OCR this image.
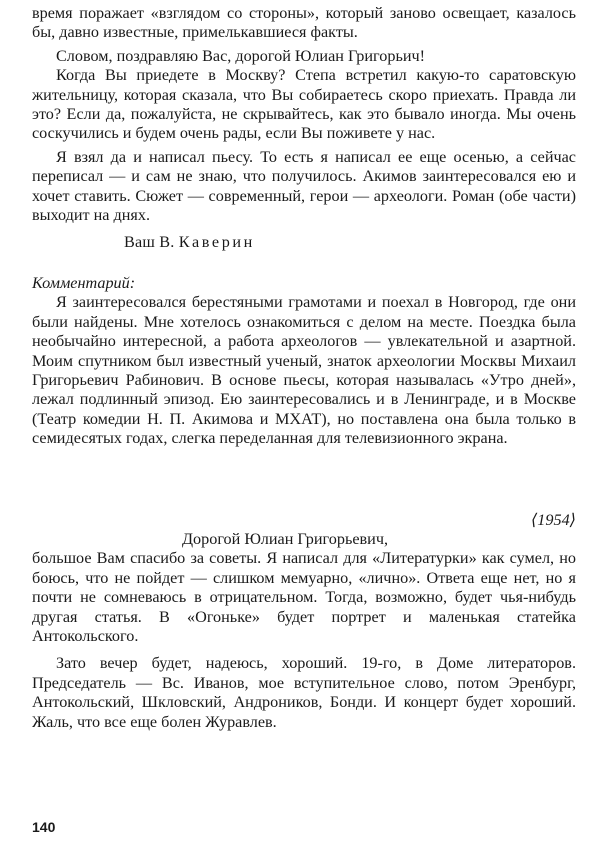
время поражает «взглядом со стороны», который заново освещает, казалось бы, давно известные, примелькавшиеся факты.

Словом, поздравляю Вас, дорогой Юлиан Григорьич!

Когда Вы приедете в Москву? Степа встретил какую-то саратовскую жительницу, которая сказала, что Вы собираетесь скоро приехать. Правда ли это? Если да, пожалуйста, не скрывайтесь, как это бывало иногда. Мы очень соскучились и будем очень рады, если Вы поживете у нас.

Я взял да и написал пьесу. То есть я написал ее еще осенью, а сейчас переписал — и сам не знаю, что получилось. Акимов заинтересовался ею и хочет ставить. Сюжет — современный, герои — археологи. Роман (обе части) выходит на днях.

Ваш В. Каверин

Комментарий:

Я заинтересовался берестяными грамотами и поехал в Новгород, где они были найдены. Мне хотелось ознакомиться с делом на месте. Поездка была необычайно интересной, а работа археологов — увлекательной и азартной. Моим спутником был известный ученый, знаток археологии Москвы Михаил Григорьевич Рабинович. В основе пьесы, которая называлась «Утро дней», лежал подлинный эпизод. Ею заинтересовались и в Ленинграде, и в Москве (Театр комедии Н. П. Акимова и МХАТ), но поставлена она была только в семидесятых годах, слегка переделанная для телевизионного экрана.

⟨1954⟩

Дорогой Юлиан Григорьевич,

большое Вам спасибо за советы. Я написал для «Литературки» как сумел, но боюсь, что не пойдет — слишком мемуарно, «лично». Ответа еще нет, но я почти не сомневаюсь в отрицательном. Тогда, возможно, будет чья-нибудь другая статья. В «Огоньке» будет портрет и маленькая статейка Антокольского.

Зато вечер будет, надеюсь, хороший. 19-го, в Доме литераторов. Председатель — Вс. Иванов, мое вступительное слово, потом Эренбург, Антокольский, Шкловский, Андроников, Бонди. И концерт будет хороший. Жаль, что все еще болен Журавлев.

140
